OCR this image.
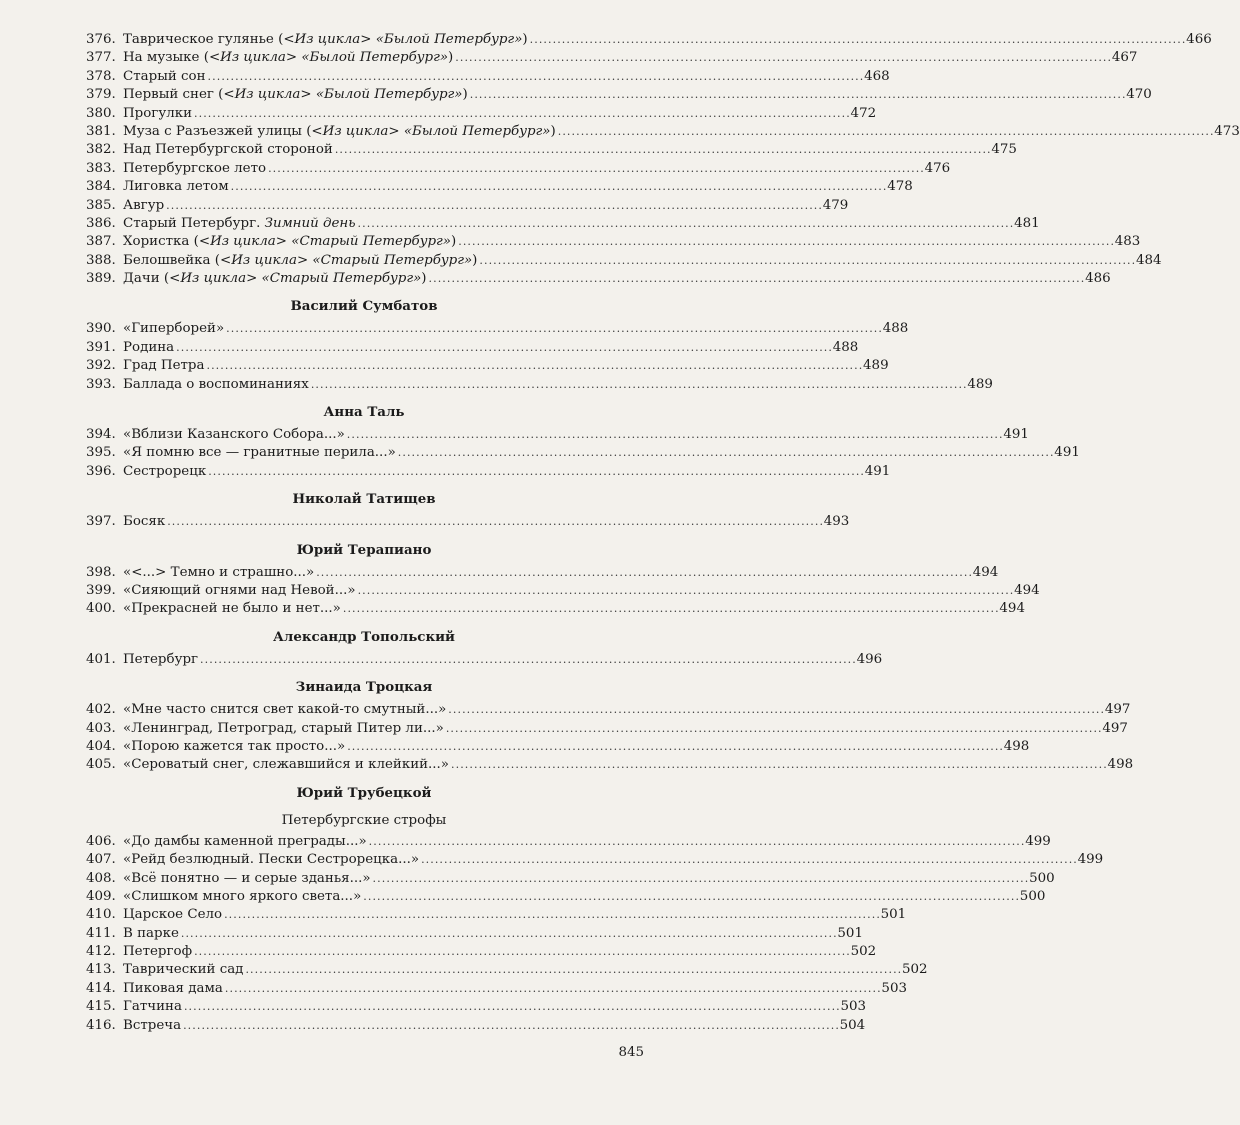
376. Таврическое гулянье (<Из цикла> «Былой Петербург») . . .	466
377. На музыке (<Из цикла> «Былой Петербург») . . .	467
378. Старый сон . . .	468
379. Первый снег (<Из цикла> «Былой Петербург») . . .	470
380. Прогулки . . .	472
381. Муза с Разъезжей улицы (<Из цикла> «Былой Петербург») . . .	473
382. Над Петербургской стороной . . .	475
383. Петербургское лето . . .	476
384. Лиговка летом . . .	478
385. Авгур . . .	479
386. Старый Петербург. Зимний день . . .	481
387. Хористка (<Из цикла> «Старый Петербург») . . .	483
388. Белошвейка (<Из цикла> «Старый Петербург») . . .	484
389. Дачи (<Из цикла> «Старый Петербург») . . .	486
Василий Сумбатов
390. «Гиперборей» . . .	488
391. Родина . . .	488
392. Град Петра . . .	489
393. Баллада о воспоминаниях . . .	489
Анна Таль
394. «Вблизи Казанского Собора...» . . .	491
395. «Я помню все — гранитные перила...» . . .	491
396. Сестрорецк . . .	491
Николай Татищев
397. Босяк . . .	493
Юрий Терапиано
398. «<...> Темно и страшно...» . . .	494
399. «Сияющий огнями над Невой...» . . .	494
400. «Прекрасней не было и нет...» . . .	494
Александр Топольский
401. Петербург . . .	496
Зинаида Троцкая
402. «Мне часто снится свет какой-то смутный...» . . .	497
403. «Ленинград, Петроград, старый Питер ли...» . . .	497
404. «Порою кажется так просто...» . . .	498
405. «Сероватый снег, слежавшийся и клейкий...» . . .	498
Юрий Трубецкой
Петербургские строфы
406. «До дамбы каменной преграды...» . . .	499
407. «Рейд безлюдный. Пески Сестрорецка...» . . .	499
408. «Всё понятно — и серые зданья...» . . .	500
409. «Слишком много яркого света...» . . .	500
410. Царское Село . . .	501
411. В парке . . .	501
412. Петергоф . . .	502
413. Таврический сад . . .	502
414. Пиковая дама . . .	503
415. Гатчина . . .	503
416. Встреча . . .	504
845
